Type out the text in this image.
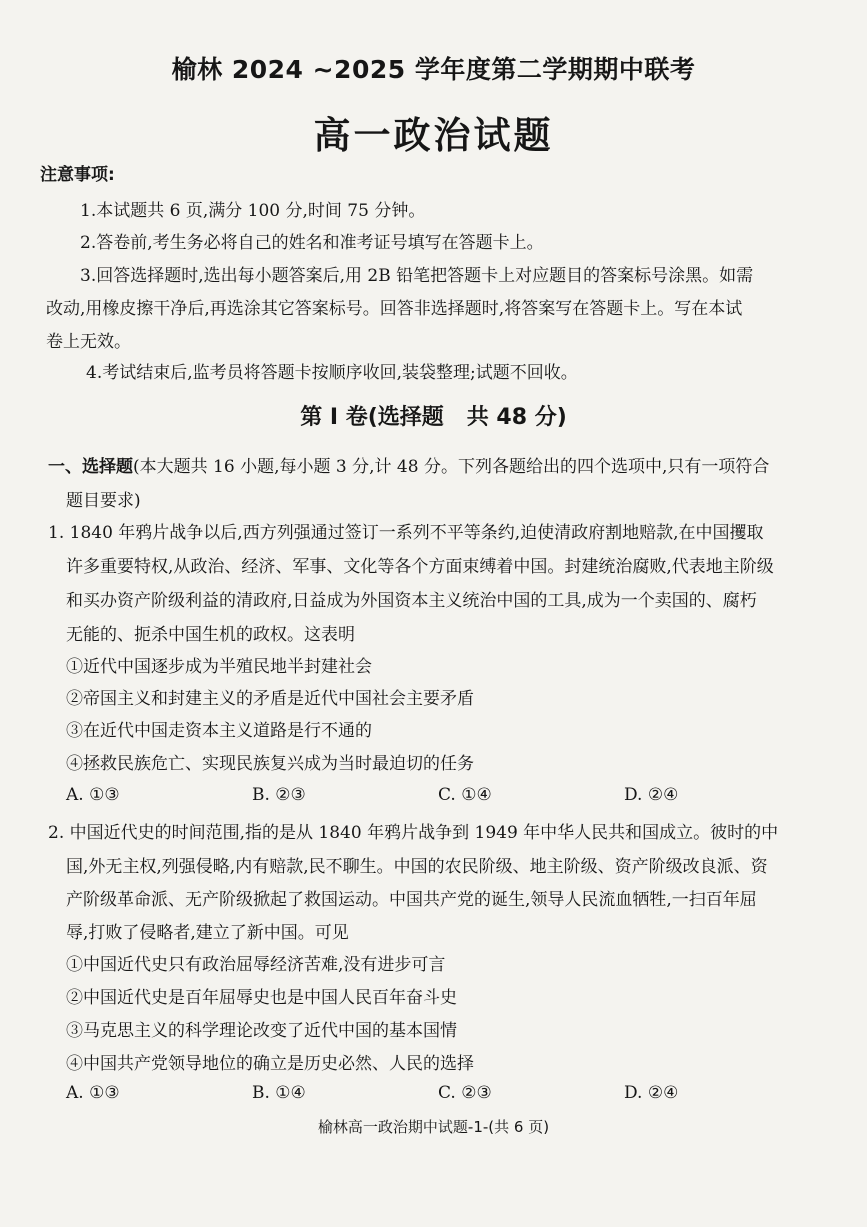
榆林 2024 ~2025 学年度第二学期期中联考
高一政治试题
注意事项:
1.本试题共 6 页,满分 100 分,时间 75 分钟。
2.答卷前,考生务必将自己的姓名和准考证号填写在答题卡上。
3.回答选择题时,选出每小题答案后,用 2B 铅笔把答题卡上对应题目的答案标号涂黑。如需
改动,用橡皮擦干净后,再选涂其它答案标号。回答非选择题时,将答案写在答题卡上。写在本试
卷上无效。
4.考试结束后,监考员将答题卡按顺序收回,装袋整理;试题不回收。
第 I 卷(选择题   共 48 分)
一、选择题(本大题共 16 小题,每小题 3 分,计 48 分。下列各题给出的四个选项中,只有一项符合
题目要求)
1. 1840 年鸦片战争以后,西方列强通过签订一系列不平等条约,迫使清政府割地赔款,在中国攫取
许多重要特权,从政治、经济、军事、文化等各个方面束缚着中国。封建统治腐败,代表地主阶级
和买办资产阶级利益的清政府,日益成为外国资本主义统治中国的工具,成为一个卖国的、腐朽
无能的、扼杀中国生机的政权。这表明
①近代中国逐步成为半殖民地半封建社会
②帝国主义和封建主义的矛盾是近代中国社会主要矛盾
③在近代中国走资本主义道路是行不通的
④拯救民族危亡、实现民族复兴成为当时最迫切的任务
A. ①③	B. ②③	C. ①④	D. ②④
2. 中国近代史的时间范围,指的是从 1840 年鸦片战争到 1949 年中华人民共和国成立。彼时的中
国,外无主权,列强侵略,内有赔款,民不聊生。中国的农民阶级、地主阶级、资产阶级改良派、资
产阶级革命派、无产阶级掀起了救国运动。中国共产党的诞生,领导人民流血牺牲,一扫百年屈
辱,打败了侵略者,建立了新中国。可见
①中国近代史只有政治屈辱经济苦难,没有进步可言
②中国近代史是百年屈辱史也是中国人民百年奋斗史
③马克思主义的科学理论改变了近代中国的基本国情
④中国共产党领导地位的确立是历史必然、人民的选择
A. ①③	B. ①④	C. ②③	D. ②④
榆林高一政治期中试题-1-(共 6 页)
